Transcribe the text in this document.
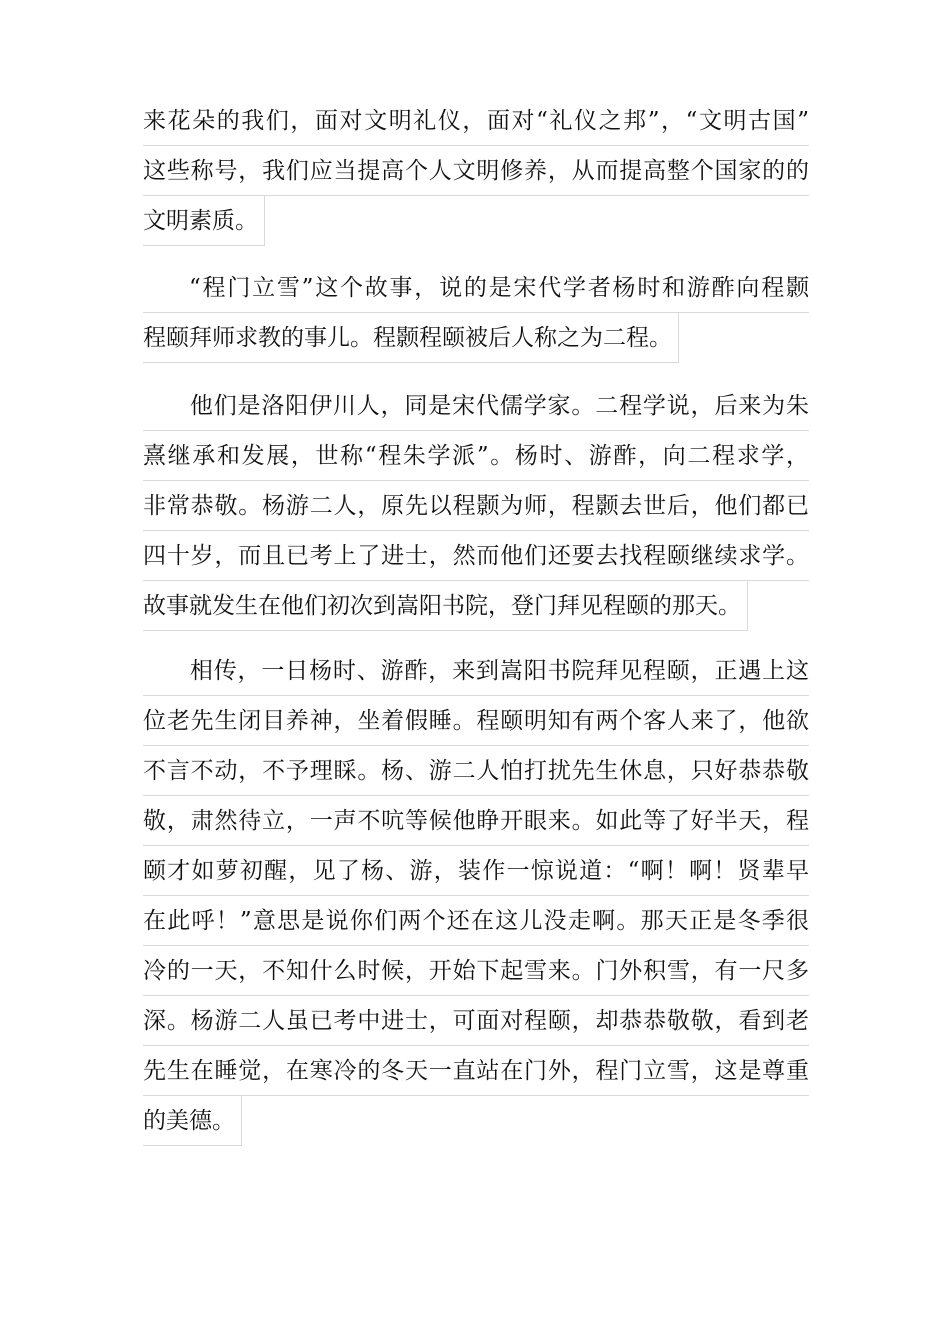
来花朵的我们，面对文明礼仪，面对“礼仪之邦”，“文明古国”
这些称号，我们应当提高个人文明修养，从而提高整个国家的的
文明素质。
“程门立雪”这个故事，说的是宋代学者杨时和游酢向程颢
程颐拜师求教的事儿。程颢程颐被后人称之为二程。
他们是洛阳伊川人，同是宋代儒学家。二程学说，后来为朱
熹继承和发展，世称“程朱学派”。杨时、游酢，向二程求学，
非常恭敬。杨游二人，原先以程颢为师，程颢去世后，他们都已
四十岁，而且已考上了进士，然而他们还要去找程颐继续求学。
故事就发生在他们初次到嵩阳书院，登门拜见程颐的那天。
相传，一日杨时、游酢，来到嵩阳书院拜见程颐，正遇上这
位老先生闭目养神，坐着假睡。程颐明知有两个客人来了，他欲
不言不动，不予理睬。杨、游二人怕打扰先生休息，只好恭恭敬
敬，肃然待立，一声不吭等候他睁开眼来。如此等了好半天，程
颐才如萝初醒，见了杨、游，装作一惊说道：“啊！啊！贤辈早
在此呼！”意思是说你们两个还在这儿没走啊。那天正是冬季很
冷的一天，不知什么时候，开始下起雪来。门外积雪，有一尺多
深。杨游二人虽已考中进士，可面对程颐，却恭恭敬敬，看到老
先生在睡觉，在寒冷的冬天一直站在门外，程门立雪，这是尊重
的美德。
